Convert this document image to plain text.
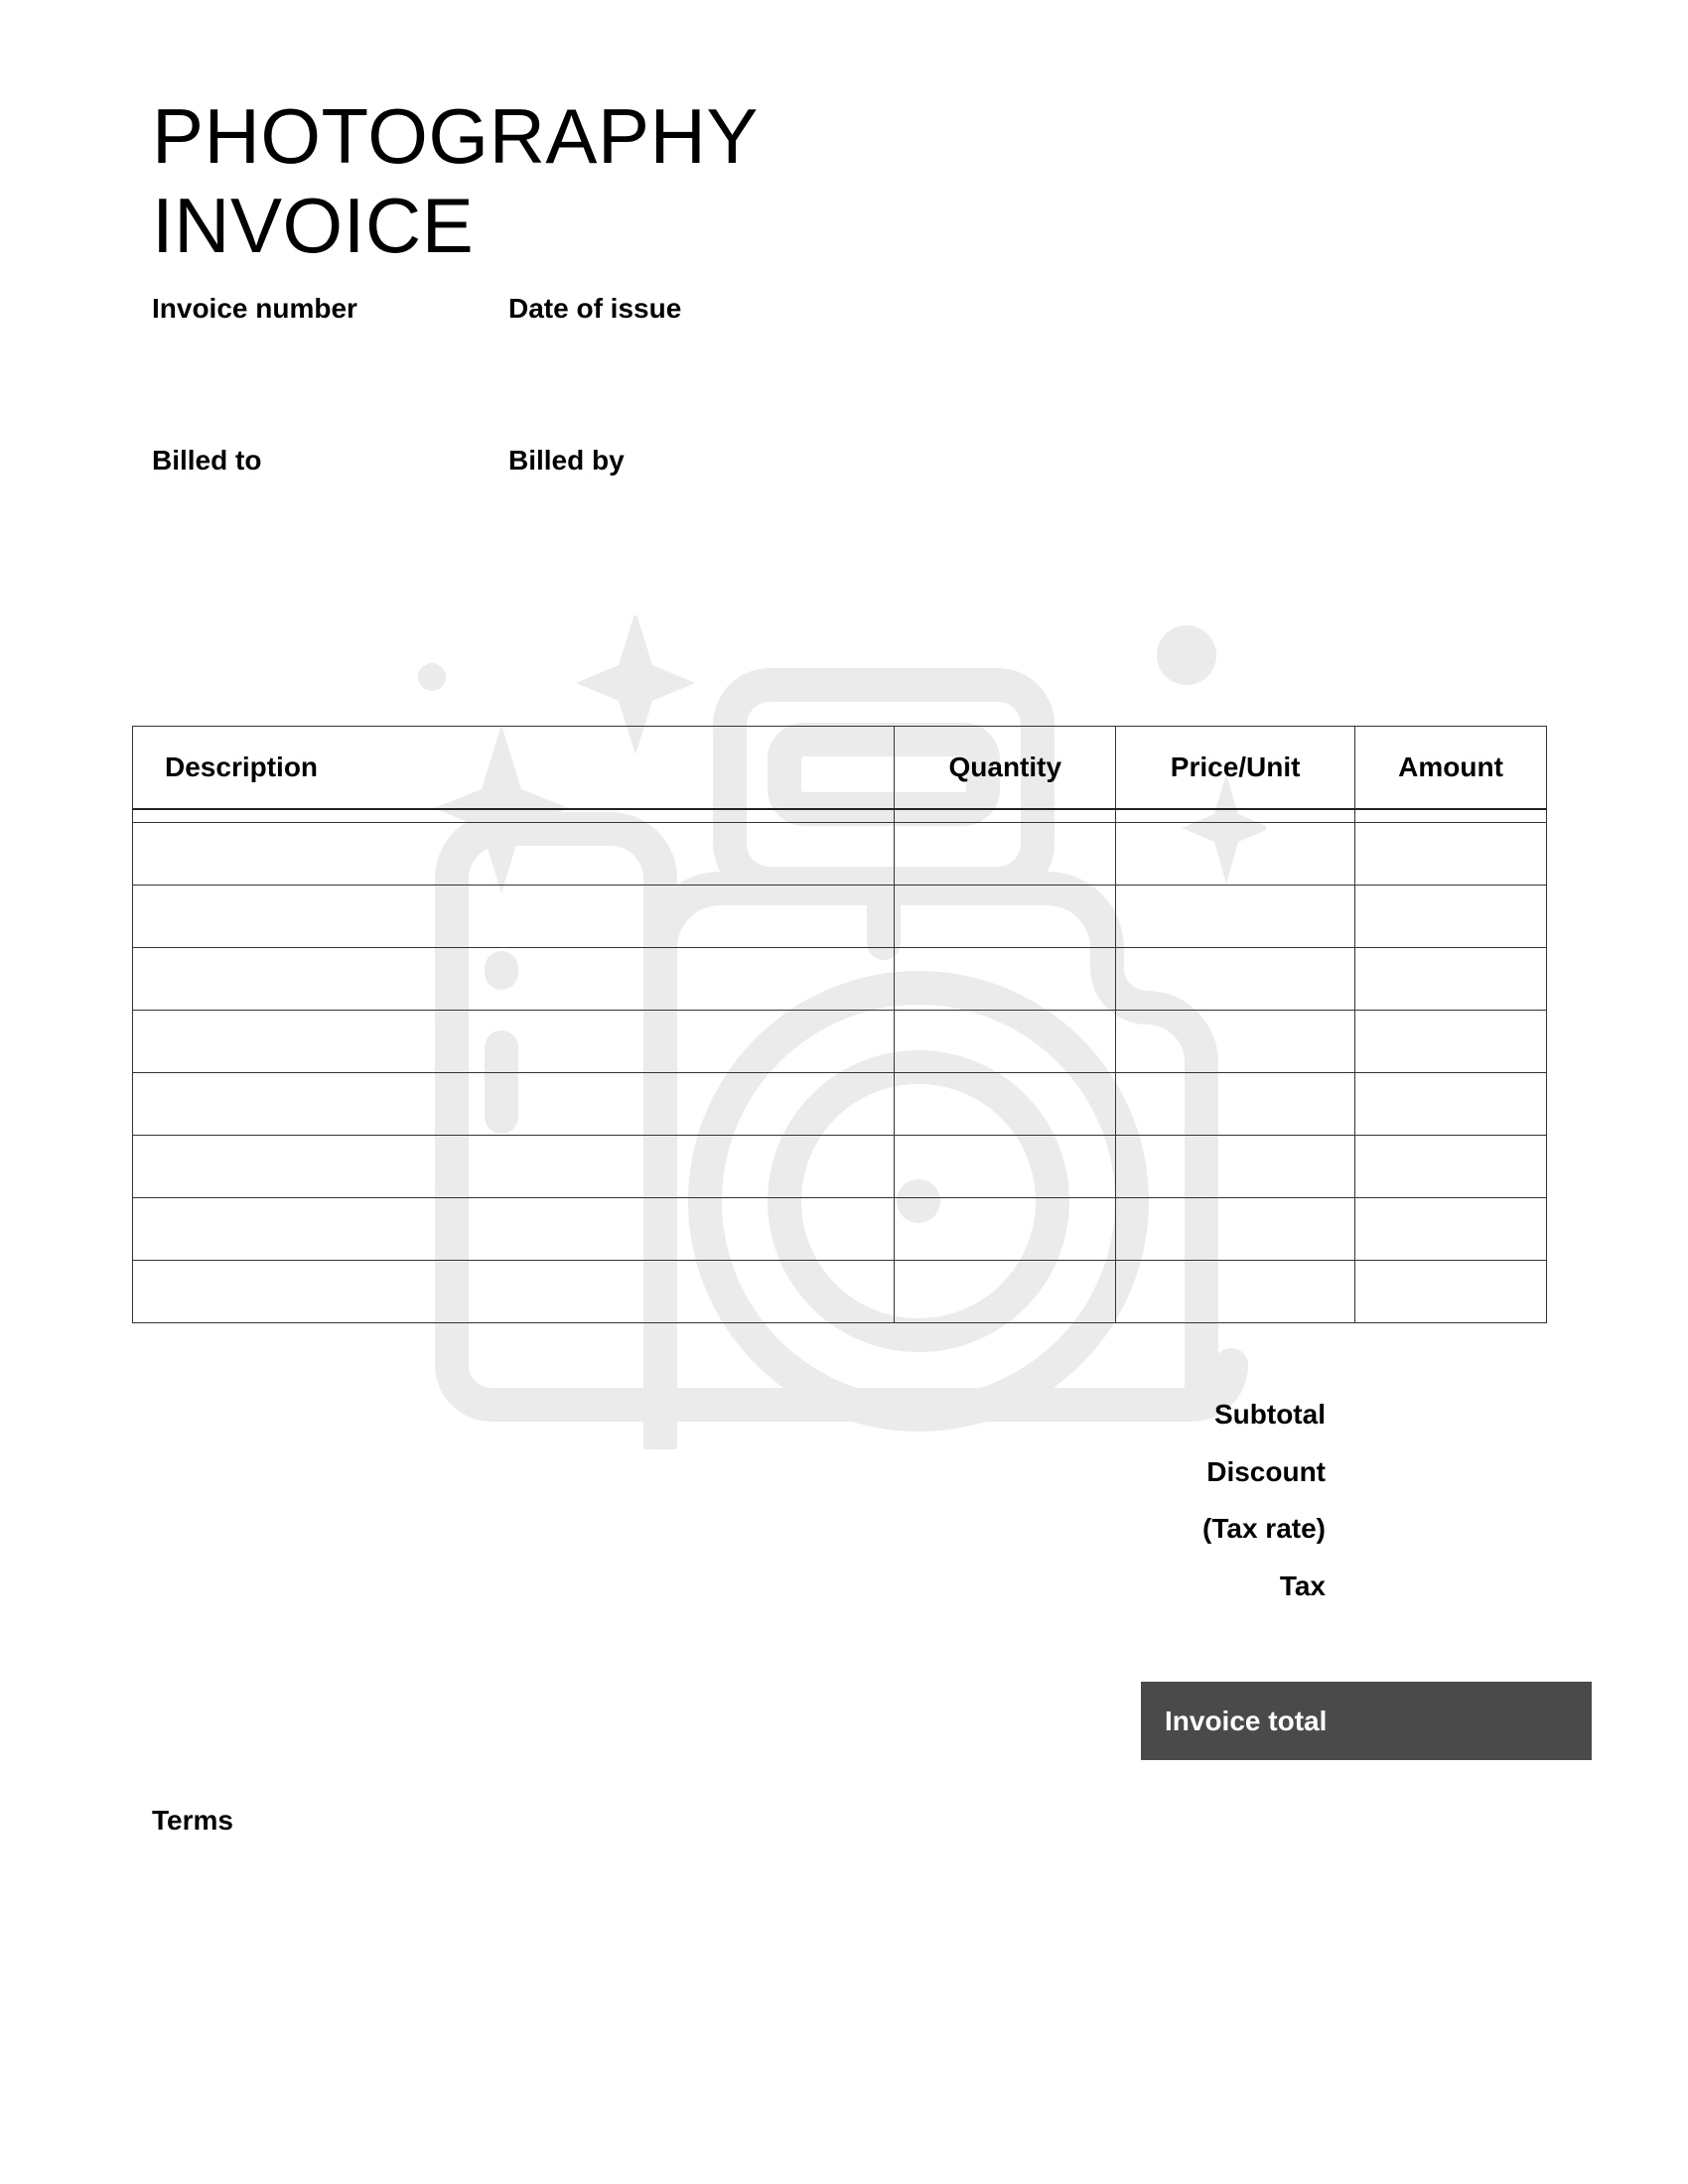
PHOTOGRAPHY
INVOICE
Invoice number	Date of issue
Billed to	Billed by
Description	Quantity	Price/Unit	Amount

Subtotal
Discount
(Tax rate)
Tax
Invoice total
Terms
